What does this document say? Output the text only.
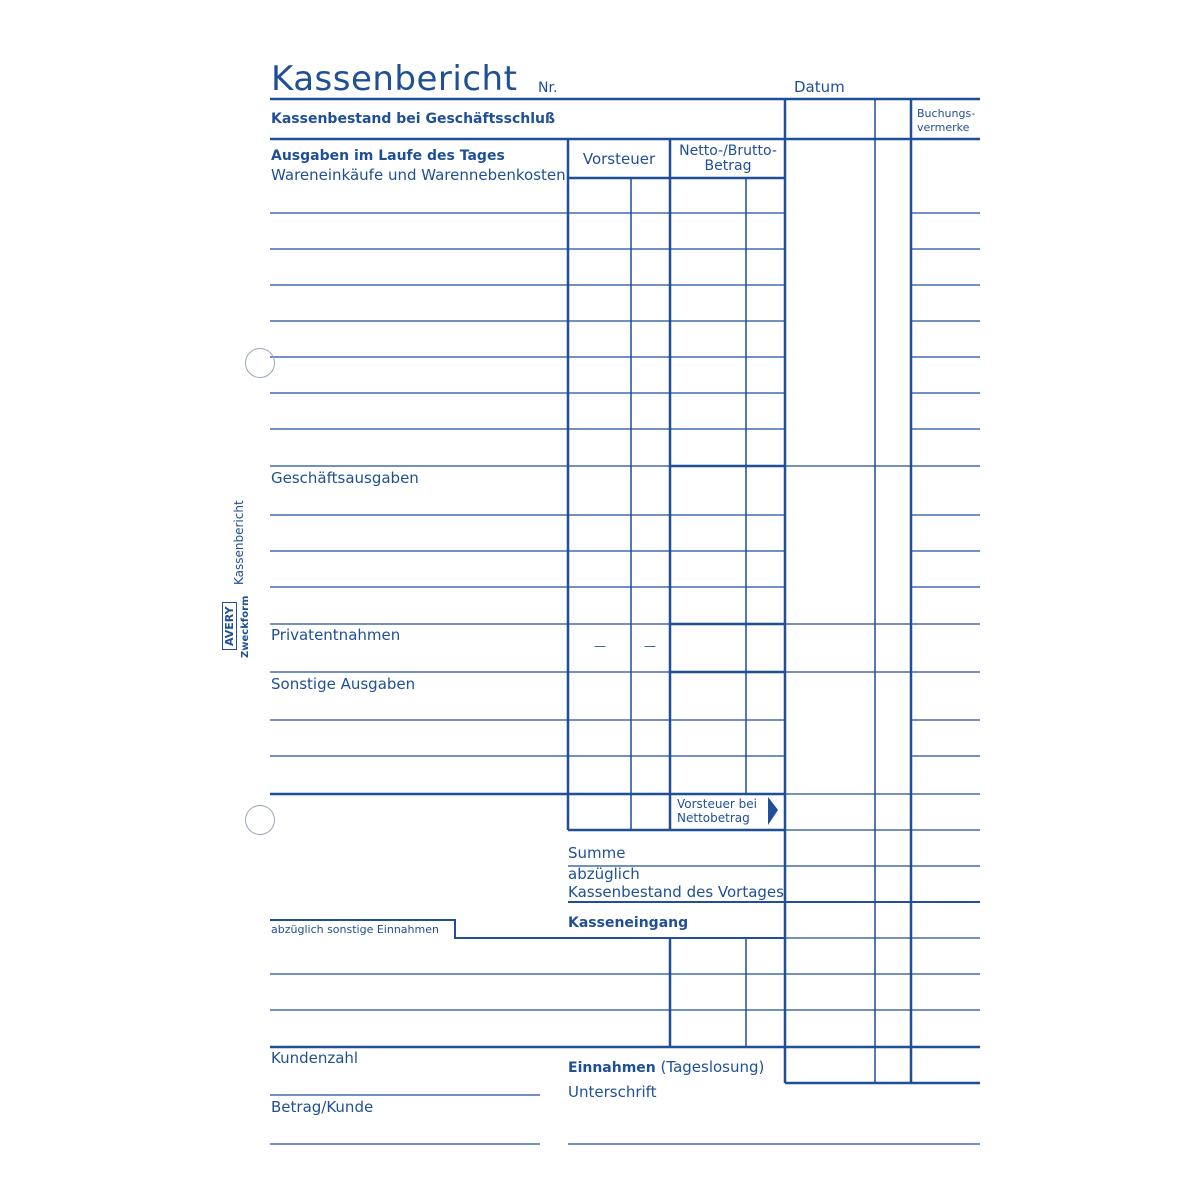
Kassenbericht
AVERY Zweckform
Kassenbericht Nr.	Datum
Buchungs-
vermerke
Kassenbestand bei Geschäftsschluß
Ausgaben im Laufe des Tages
Wareneinkäufe und Warennebenkosten
Vorsteuer	Netto-/Brutto-
Betrag
Geschäftsausgaben
Privatentnahmen
—	—
Sonstige Ausgaben
Vorsteuer bei
Nettobetrag
Summe
abzüglich
Kassenbestand des Vortages
Kasseneingang
abzüglich sonstige Einnahmen
Kundenzahl
Betrag/Kunde
Einnahmen (Tageslosung)
Unterschrift
